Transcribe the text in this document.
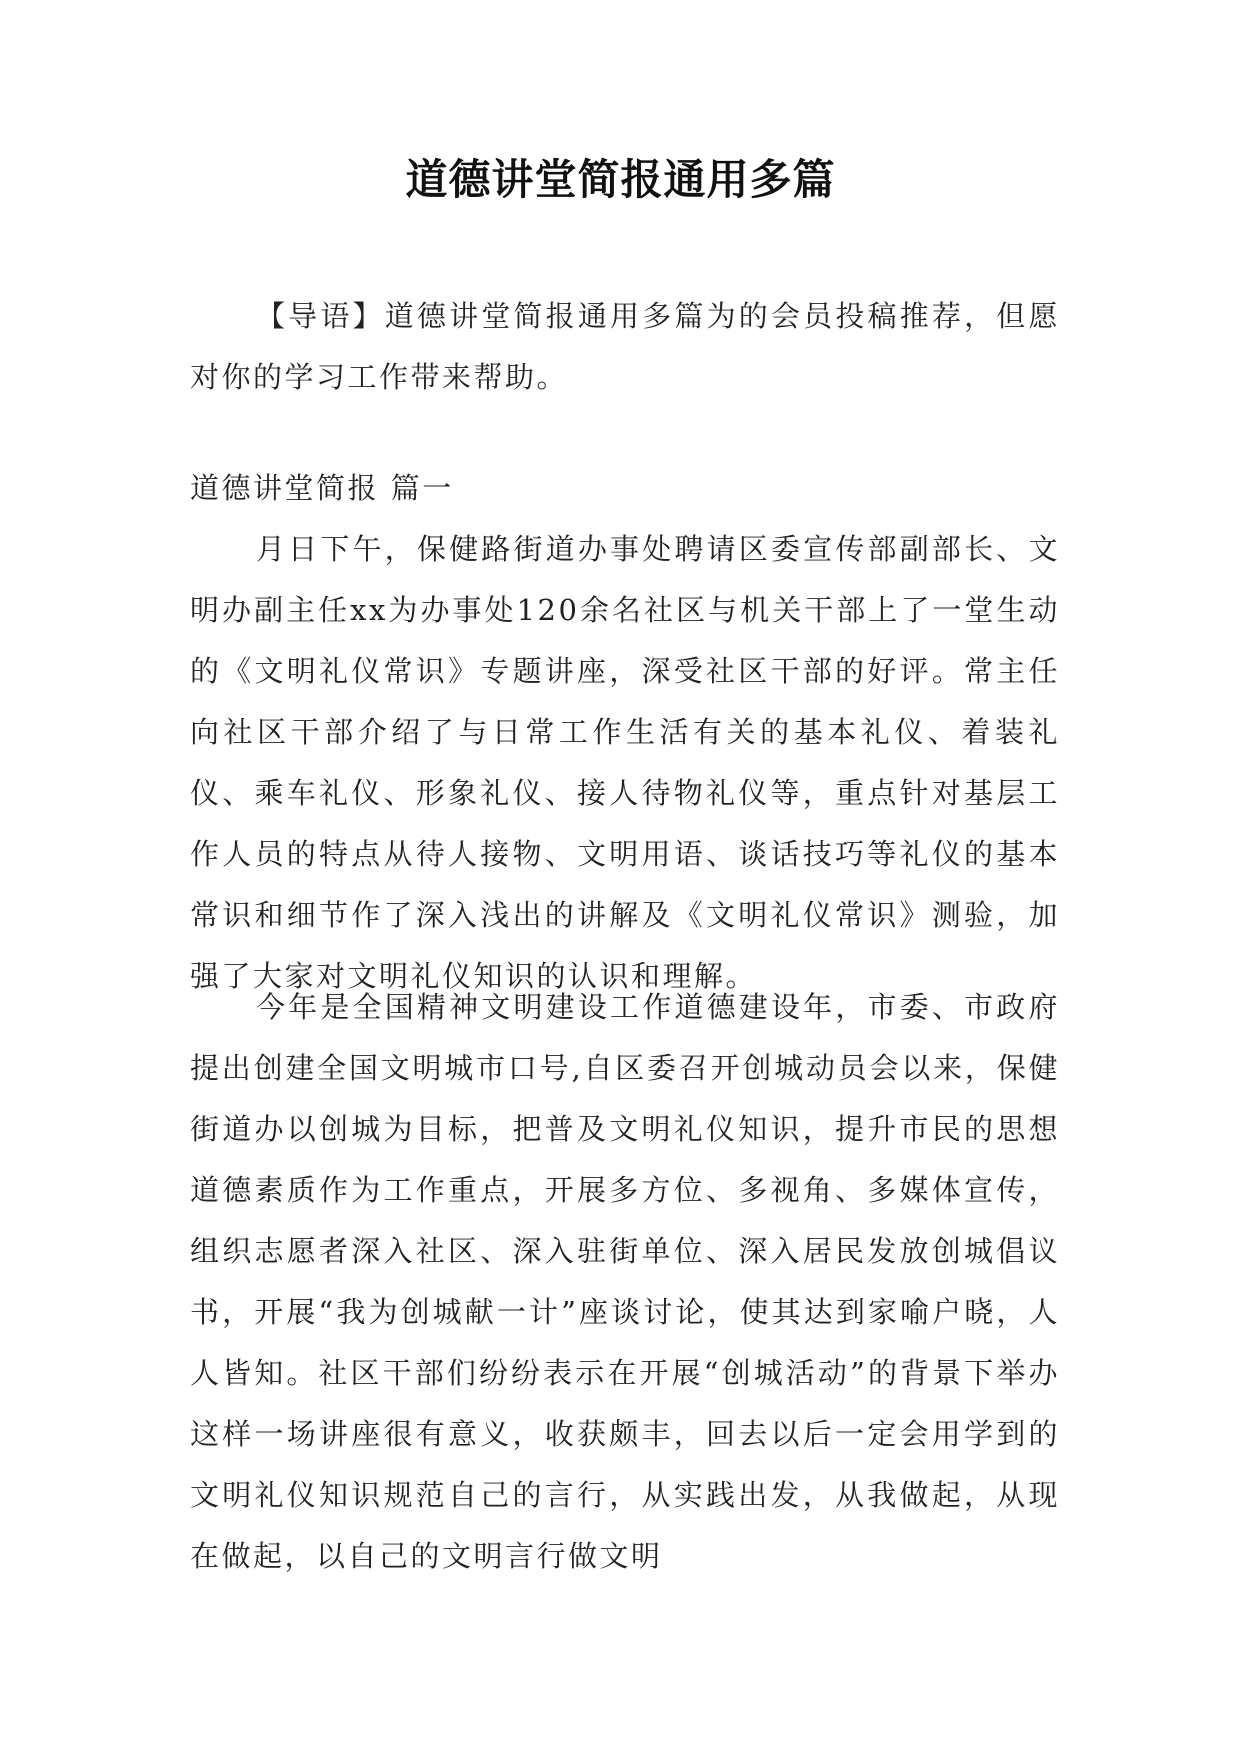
道德讲堂简报通用多篇
【导语】道德讲堂简报通用多篇为的会员投稿推荐，但愿对你的学习工作带来帮助。
道德讲堂简报 篇一
月日下午，保健路街道办事处聘请区委宣传部副部长、文明办副主任xx为办事处120余名社区与机关干部上了一堂生动的《文明礼仪常识》专题讲座，深受社区干部的好评。常主任向社区干部介绍了与日常工作生活有关的基本礼仪、着装礼仪、乘车礼仪、形象礼仪、接人待物礼仪等，重点针对基层工作人员的特点从待人接物、文明用语、谈话技巧等礼仪的基本常识和细节作了深入浅出的讲解及《文明礼仪常识》测验，加强了大家对文明礼仪知识的认识和理解。
今年是全国精神文明建设工作道德建设年，市委、市政府提出创建全国文明城市口号,自区委召开创城动员会以来，保健街道办以创城为目标，把普及文明礼仪知识，提升市民的思想道德素质作为工作重点，开展多方位、多视角、多媒体宣传，组织志愿者深入社区、深入驻街单位、深入居民发放创城倡议书，开展“我为创城献一计”座谈讨论，使其达到家喻户晓，人人皆知。社区干部们纷纷表示在开展“创城活动”的背景下举办这样一场讲座很有意义，收获颇丰，回去以后一定会用学到的文明礼仪知识规范自己的言行，从实践出发，从我做起，从现在做起，以自己的文明言行做文明
